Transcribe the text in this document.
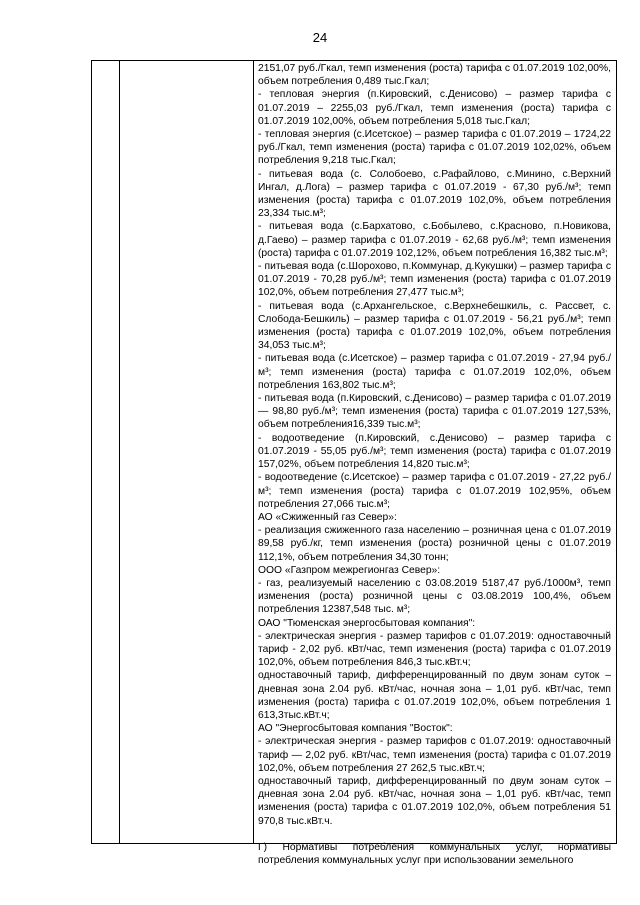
24

2151,07 руб./Гкал, темп изменения (роста) тарифа с 01.07.2019 102,00%, объем потребления 0,489 тыс.Гкал;

- тепловая энергия (п.Кировский, с.Денисово) – размер тарифа с 01.07.2019 – 2255,03 руб./Гкал, темп изменения (роста) тарифа с 01.07.2019 102,00%, объем потребления 5,018 тыс.Гкал;

- тепловая энергия (с.Исетское) – размер тарифа с 01.07.2019 – 1724,22 руб./Гкал, темп изменения (роста) тарифа с 01.07.2019 102,02%, объем потребления 9,218 тыс.Гкал;

- питьевая вода (с. Солобоево, с.Рафайлово, с.Минино, с.Верхний Ингал, д.Лога) – размер тарифа с 01.07.2019 - 67,30 руб./м³; темп изменения (роста) тарифа с 01.07.2019 102,0%, объем потребления 23,334 тыс.м³;

- питьевая вода (с.Бархатово, с.Бобылево, с.Красново, п.Новикова, д.Гаево) – размер тарифа с 01.07.2019 - 62,68 руб./м³; темп изменения (роста) тарифа с 01.07.2019 102,12%, объем потребления 16,382 тыс.м³;

- питьевая вода (с.Шорохово, п.Коммунар, д.Кукушки) – размер тарифа с 01.07.2019 - 70,28 руб./м³; темп изменения (роста) тарифа с 01.07.2019 102,0%, объем потребления 27,477 тыс.м³;

- питьевая вода (с.Архангельское, с.Верхнебешкиль, с. Рассвет, с. Слобода-Бешкиль) – размер тарифа с 01.07.2019 - 56,21 руб./м³; темп изменения (роста) тарифа с 01.07.2019 102,0%, объем потребления 34,053 тыс.м³;

- питьевая вода (с.Исетское) – размер тарифа с 01.07.2019 - 27,94 руб./м³; темп изменения (роста) тарифа с 01.07.2019 102,0%, объем потребления 163,802 тыс.м³;

- питьевая вода (п.Кировский, с.Денисово) – размер тарифа с 01.07.2019 — 98,80 руб./м³; темп изменения (роста) тарифа с 01.07.2019 127,53%, объем потребления16,339 тыс.м³;

- водоотведение (п.Кировский, с.Денисово) – размер тарифа с 01.07.2019 - 55,05 руб./м³; темп изменения (роста) тарифа с 01.07.2019 157,02%, объем потребления 14,820 тыс.м³;

- водоотведение (с.Исетское) – размер тарифа с 01.07.2019 - 27,22 руб./м³; темп изменения (роста) тарифа с 01.07.2019 102,95%, объем потребления 27,066 тыс.м³;

АО «Сжиженный газ Север»:

- реализация сжиженного газа населению – розничная цена с 01.07.2019 89,58 руб./кг, темп изменения (роста) розничной цены с 01.07.2019 112,1%, объем потребления 34,30 тонн;

ООО «Газпром межрегионгаз Север»:

- газ, реализуемый населению с 03.08.2019 5187,47 руб./1000м³, темп изменения (роста) розничной цены с 03.08.2019 100,4%, объем потребления 12387,548 тыс. м³;

ОАО "Тюменская энергосбытовая компания":

- электрическая энергия - размер тарифов с 01.07.2019: одноставочный тариф - 2,02 руб. кВт/час, темп изменения (роста) тарифа с 01.07.2019 102,0%, объем потребления 846,3 тыс.кВт.ч;

одноставочный тариф, дифференцированный по двум зонам суток – дневная зона 2.04 руб. кВт/час, ночная зона – 1,01 руб. кВт/час, темп изменения (роста) тарифа с 01.07.2019 102,0%, объем потребления 1 613,3тыс.кВт.ч;

АО "Энергосбытовая компания "Восток":

- электрическая энергия - размер тарифов с 01.07.2019: одноставочный тариф — 2,02 руб. кВт/час, темп изменения (роста) тарифа с 01.07.2019 102,0%, объем потребления 27 262,5 тыс.кВт.ч;

одноставочный тариф, дифференцированный по двум зонам суток – дневная зона 2.04 руб. кВт/час, ночная зона – 1,01 руб. кВт/час, темп изменения (роста) тарифа с 01.07.2019 102,0%, объем потребления 51 970,8 тыс.кВт.ч.

Г) Нормативы потребления коммунальных услуг, нормативы потребления коммунальных услуг при использовании земельного
